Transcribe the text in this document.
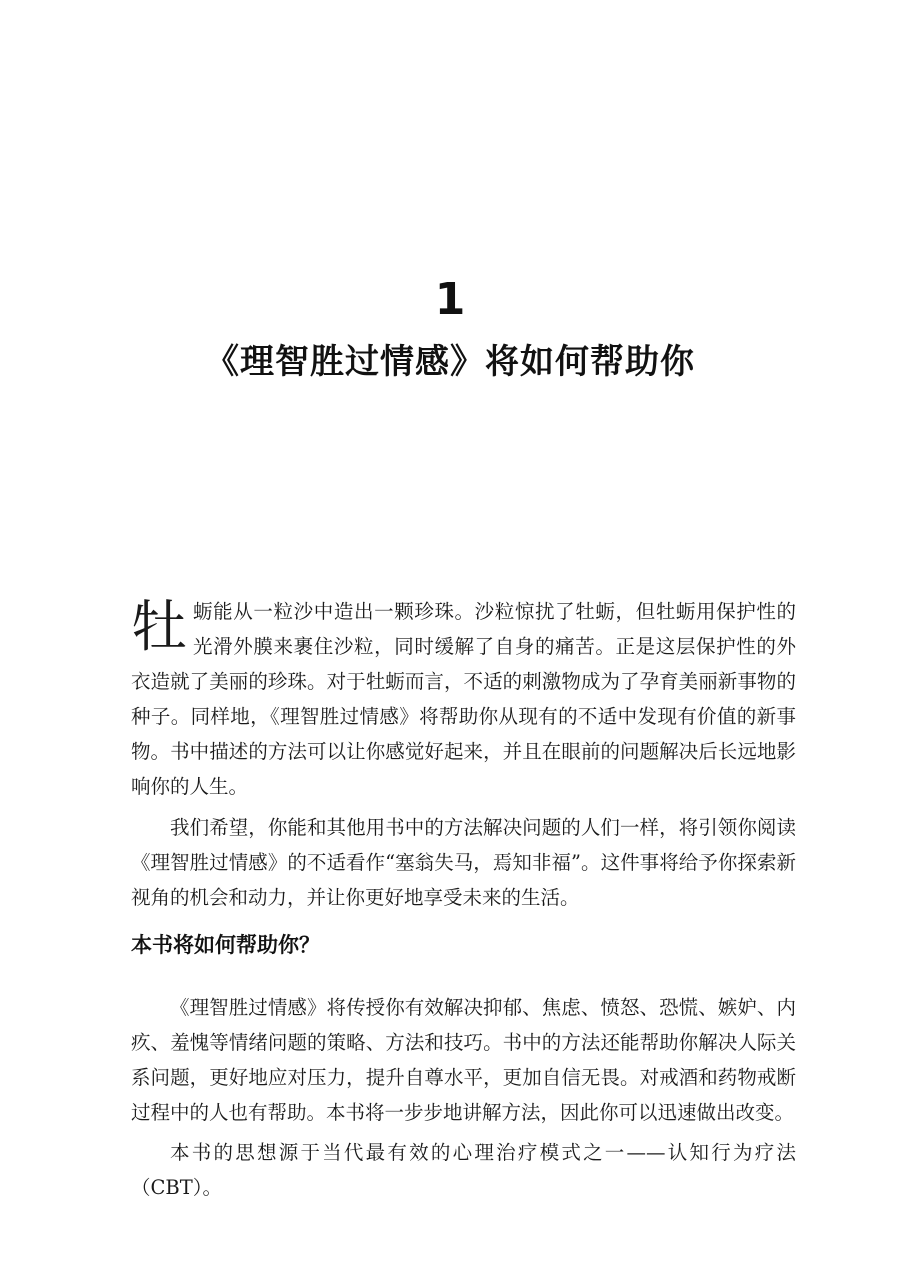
1
《理智胜过情感》将如何帮助你

牡蛎能从一粒沙中造出一颗珍珠。沙粒惊扰了牡蛎，但牡蛎用保护性的光滑外膜来裹住沙粒，同时缓解了自身的痛苦。正是这层保护性的外衣造就了美丽的珍珠。对于牡蛎而言，不适的刺激物成为了孕育美丽新事物的种子。同样地，《理智胜过情感》将帮助你从现有的不适中发现有价值的新事物。书中描述的方法可以让你感觉好起来，并且在眼前的问题解决后长远地影响你的人生。

我们希望，你能和其他用书中的方法解决问题的人们一样，将引领你阅读《理智胜过情感》的不适看作“塞翁失马，焉知非福”。这件事将给予你探索新视角的机会和动力，并让你更好地享受未来的生活。

本书将如何帮助你？

《理智胜过情感》将传授你有效解决抑郁、焦虑、愤怒、恐慌、嫉妒、内疚、羞愧等情绪问题的策略、方法和技巧。书中的方法还能帮助你解决人际关系问题，更好地应对压力，提升自尊水平，更加自信无畏。对戒酒和药物戒断过程中的人也有帮助。本书将一步步地讲解方法，因此你可以迅速做出改变。

本书的思想源于当代最有效的心理治疗模式之一——认知行为疗法（CBT）。
